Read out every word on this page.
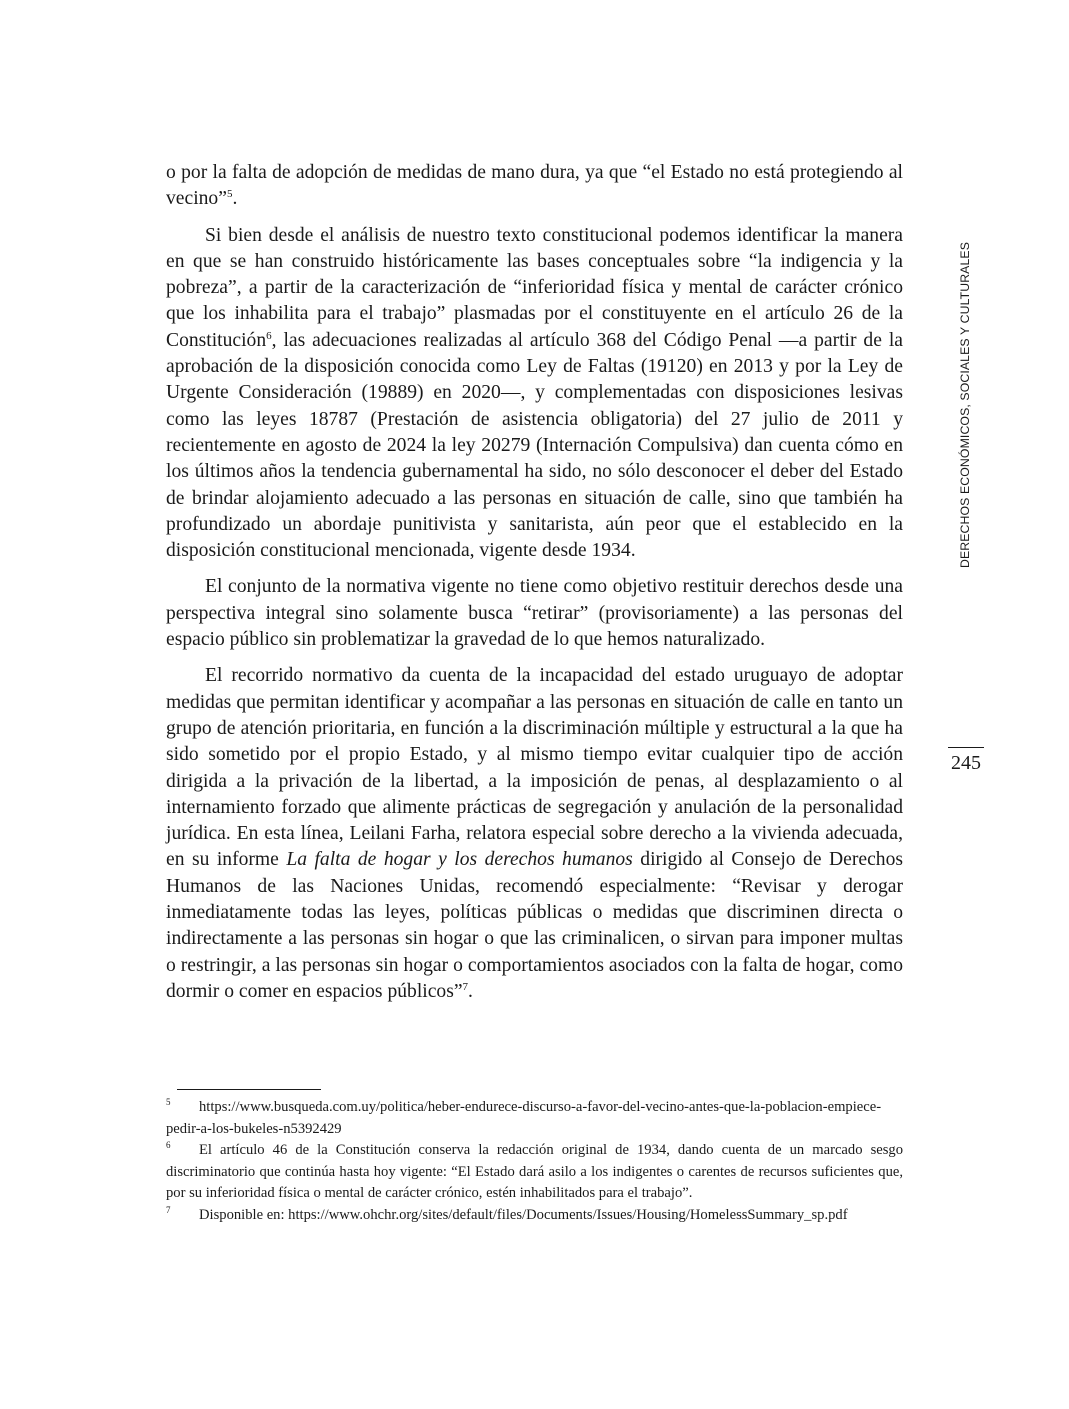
o por la falta de adopción de medidas de mano dura, ya que “el Estado no está protegiendo al vecino”$^5$.

Si bien desde el análisis de nuestro texto constitucional podemos identificar la manera en que se han construido históricamente las bases conceptuales sobre “la indigencia y la pobreza”, a partir de la caracterización de “inferioridad física y mental de carácter crónico que los inhabilita para el trabajo” plasmadas por el constituyente en el artículo 26 de la Constitución$^6$, las adecuaciones realizadas al artículo 368 del Código Penal —a partir de la aprobación de la disposición conocida como Ley de Faltas (19120) en 2013 y por la Ley de Urgente Consideración (19889) en 2020—, y complementadas con disposiciones lesivas como las leyes 18787 (Prestación de asistencia obligatoria) del 27 julio de 2011 y recientemente en agosto de 2024 la ley 20279 (Internación Compulsiva) dan cuenta cómo en los últimos años la tendencia gubernamental ha sido, no sólo desconocer el deber del Estado de brindar alojamiento adecuado a las personas en situación de calle, sino que también ha profundizado un abordaje punitivista y sanitarista, aún peor que el establecido en la disposición constitucional mencionada, vigente desde 1934.

El conjunto de la normativa vigente no tiene como objetivo restituir derechos desde una perspectiva integral sino solamente busca “retirar” (provisoriamente) a las personas del espacio público sin problematizar la gravedad de lo que hemos naturalizado.

El recorrido normativo da cuenta de la incapacidad del estado uruguayo de adoptar medidas que permitan identificar y acompañar a las personas en situación de calle en tanto un grupo de atención prioritaria, en función a la discriminación múltiple y estructural a la que ha sido sometido por el propio Estado, y al mismo tiempo evitar cualquier tipo de acción dirigida a la privación de la libertad, a la imposición de penas, al desplazamiento o al internamiento forzado que alimente prácticas de segregación y anulación de la personalidad jurídica. En esta línea, Leilani Farha, relatora especial sobre derecho a la vivienda adecuada, en su informe La falta de hogar y los derechos humanos dirigido al Consejo de Derechos Humanos de las Naciones Unidas, recomendó especialmente: “Revisar y derogar inmediatamente todas las leyes, políticas públicas o medidas que discriminen directa o indirectamente a las personas sin hogar o que las criminalicen, o sirvan para imponer multas o restringir, a las personas sin hogar o comportamientos asociados con la falta de hogar, como dormir o comer en espacios públicos”$^7$.

DERECHOS ECONÓMICOS, SOCIALES Y CULTURALES
245

$^5$ https://www.busqueda.com.uy/politica/heber-endurece-discurso-a-favor-del-vecino-antes-que-la-poblacion-empiece-pedir-a-los-bukeles-n5392429

$^6$ El artículo 46 de la Constitución conserva la redacción original de 1934, dando cuenta de un marcado sesgo discriminatorio que continúa hasta hoy vigente: “El Estado dará asilo a los indigentes o carentes de recursos suficientes que, por su inferioridad física o mental de carácter crónico, estén inhabilitados para el trabajo”.

$^7$ Disponible en: https://www.ohchr.org/sites/default/files/Documents/Issues/Housing/HomelessSummary_sp.pdf
